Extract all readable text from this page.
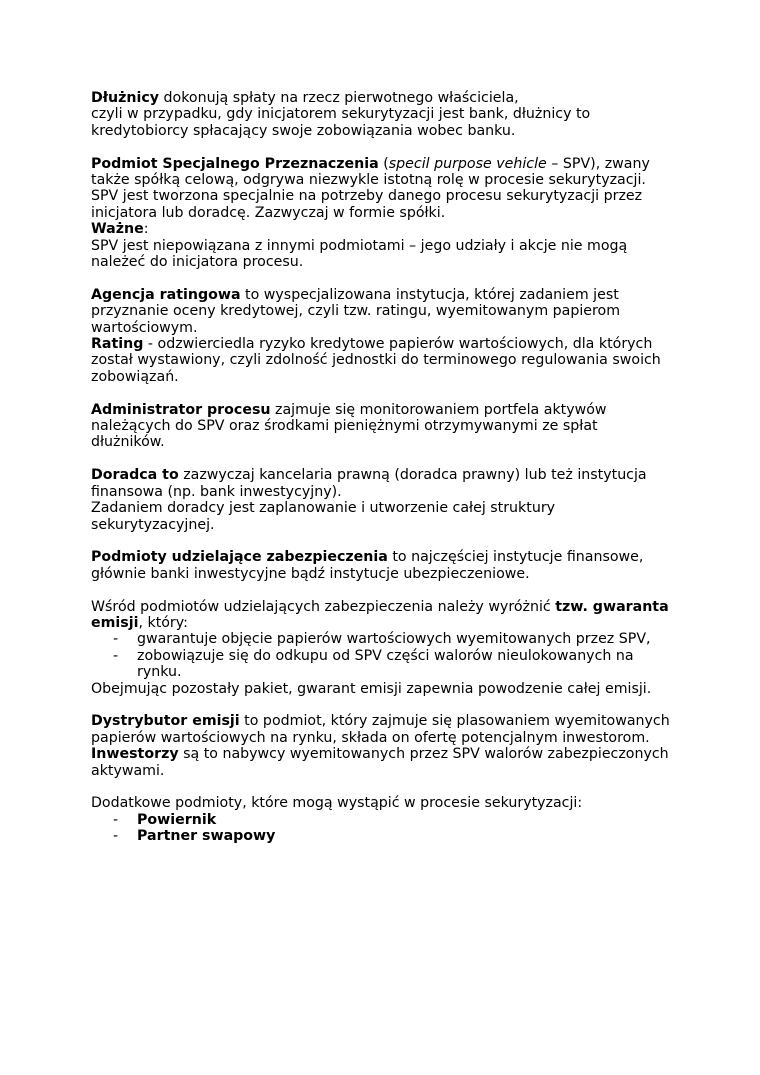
Dłużnicy dokonują spłaty na rzecz pierwotnego właściciela,
czyli w przypadku, gdy inicjatorem sekurytyzacji jest bank, dłużnicy to
kredytobiorcy spłacający swoje zobowiązania wobec banku.

Podmiot Specjalnego Przeznaczenia (specil purpose vehicle – SPV), zwany
także spółką celową, odgrywa niezwykle istotną rolę w procesie sekurytyzacji.
SPV jest tworzona specjalnie na potrzeby danego procesu sekurytyzacji przez
inicjatora lub doradcę. Zazwyczaj w formie spółki.
Ważne:
SPV jest niepowiązana z innymi podmiotami – jego udziały i akcje nie mogą
należeć do inicjatora procesu.

Agencja ratingowa to wyspecjalizowana instytucja, której zadaniem jest
przyznanie oceny kredytowej, czyli tzw. ratingu, wyemitowanym papierom
wartościowym.
Rating - odzwierciedla ryzyko kredytowe papierów wartościowych, dla których
został wystawiony, czyli zdolność jednostki do terminowego regulowania swoich
zobowiązań.

Administrator procesu zajmuje się monitorowaniem portfela aktywów
należących do SPV oraz środkami pieniężnymi otrzymywanymi ze spłat
dłużników.

Doradca to zazwyczaj kancelaria prawną (doradca prawny) lub też instytucja
finansowa (np. bank inwestycyjny).
Zadaniem doradcy jest zaplanowanie i utworzenie całej struktury
sekurytyzacyjnej.

Podmioty udzielające zabezpieczenia to najczęściej instytucje finansowe,
głównie banki inwestycyjne bądź instytucje ubezpieczeniowe.

Wśród podmiotów udzielających zabezpieczenia należy wyróżnić tzw. gwaranta
emisji, który:

- gwarantuje objęcie papierów wartościowych wyemitowanych przez SPV,
- zobowiązuje się do odkupu od SPV części walorów nieulokowanych na rynku.

Obejmując pozostały pakiet, gwarant emisji zapewnia powodzenie całej emisji.

Dystrybutor emisji to podmiot, który zajmuje się plasowaniem wyemitowanych
papierów wartościowych na rynku, składa on ofertę potencjalnym inwestorom.
Inwestorzy są to nabywcy wyemitowanych przez SPV walorów zabezpieczonych
aktywami.

Dodatkowe podmioty, które mogą wystąpić w procesie sekurytyzacji:

- Powiernik
- Partner swapowy
